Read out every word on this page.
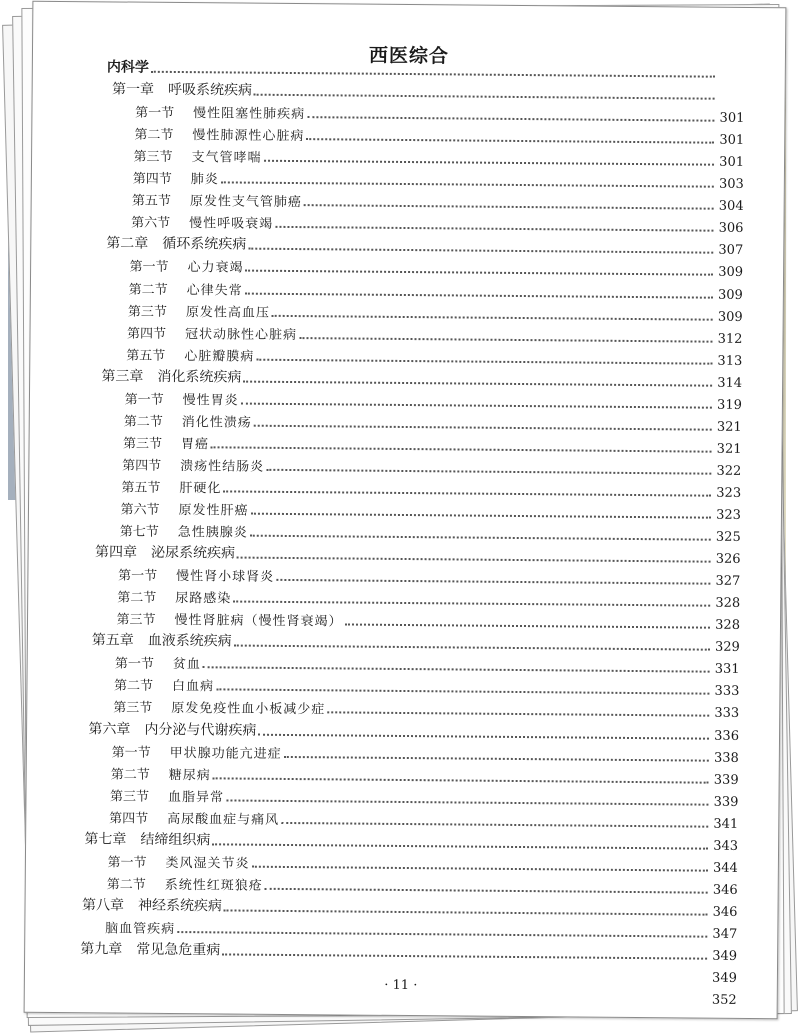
西医综合
内科学
第一章 呼吸系统疾病
第一节	慢性阻塞性肺疾病	301
第二节	慢性肺源性心脏病	301
第三节	支气管哮喘	301
第四节	肺炎	303
第五节	原发性支气管肺癌	304
第六节	慢性呼吸衰竭	306
第二章 循环系统疾病	307
第一节	心力衰竭	309
第二节	心律失常	309
第三节	原发性高血压	309
第四节	冠状动脉性心脏病	312
第五节	心脏瓣膜病	313
第三章 消化系统疾病	314
第一节	慢性胃炎	319
第二节	消化性溃疡	321
第三节	胃癌	321
第四节	溃疡性结肠炎	322
第五节	肝硬化	323
第六节	原发性肝癌	323
第七节	急性胰腺炎	325
第四章 泌尿系统疾病	326
第一节	慢性肾小球肾炎	327
第二节	尿路感染	328
第三节	慢性肾脏病（慢性肾衰竭）	328
第五章 血液系统疾病	329
第一节	贫血	331
第二节	白血病	333
第三节	原发免疫性血小板减少症	333
第六章 内分泌与代谢疾病	336
第一节	甲状腺功能亢进症	338
第二节	糖尿病	339
第三节	血脂异常	339
第四节	高尿酸血症与痛风	341
第七章 结缔组织病	343
第一节	类风湿关节炎	344
第二节	系统性红斑狼疮	346
第八章 神经系统疾病	346
脑血管疾病	347
第九章 常见急危重病	349
349
352
· 11 ·
